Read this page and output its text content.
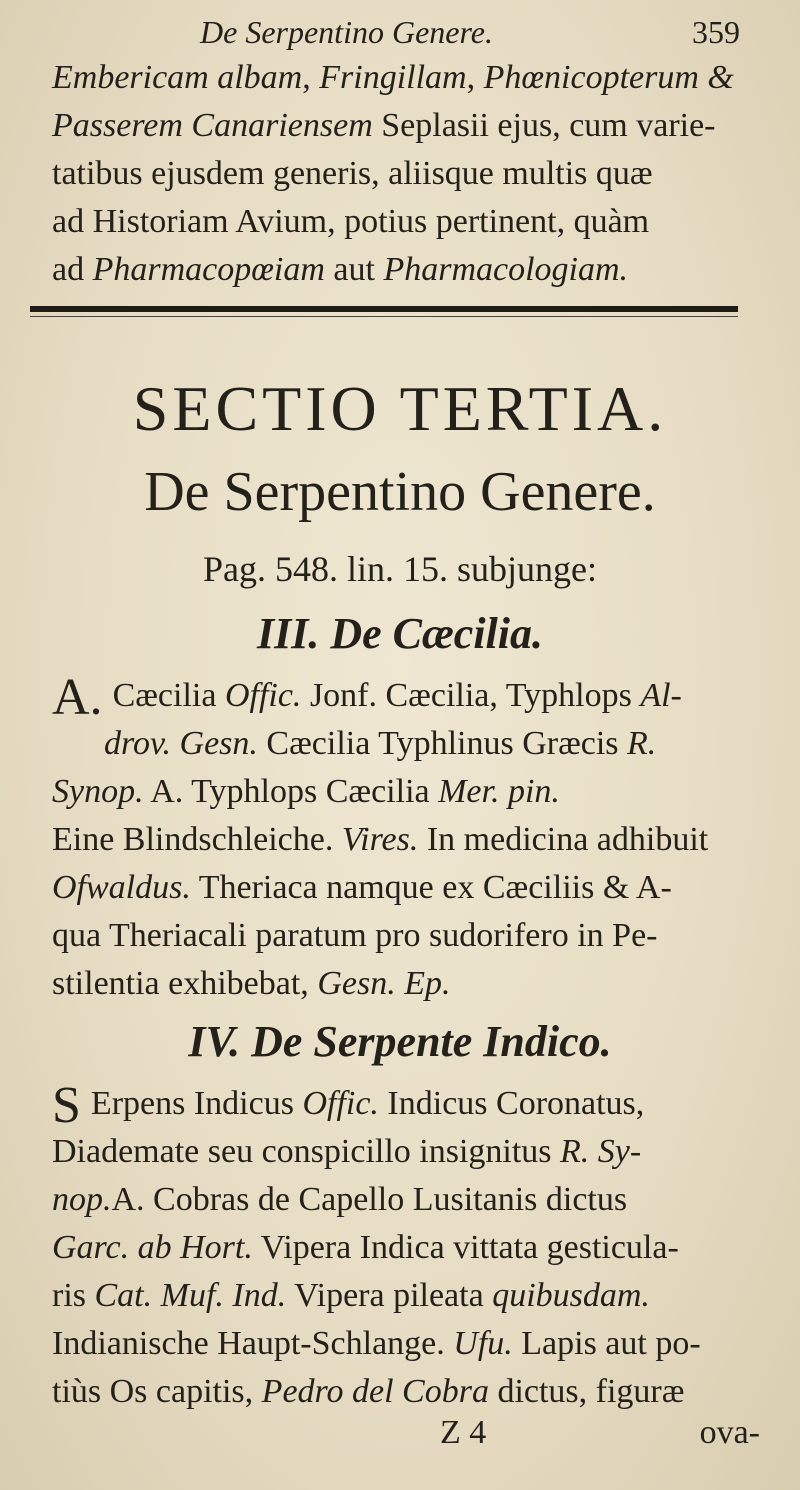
De Serpentino Genere.	359
Embericam albam, Fringillam, Phœnicopterum &
Passerem Canariensem Seplasii ejus, cum varie-
tatibus ejusdem generis, aliisque multis quæ
ad Historiam Avium, potius pertinent, quàm
ad Pharmacopœiam aut Pharmacologiam.
SECTIO TERTIA.
De Serpentino Genere.
Pag. 548. lin. 15. subjunge:
III. De Cæcilia.
A. Cæcilia Offic. Jonf. Cæcilia, Typhlops Al-
drov. Gesn. Cæcilia Typhlinus Græcis R.
Synop. A. Typhlops Cæcilia Mer. pin.
Eine Blindschleiche. Vires. In medicina adhibuit
Ofwaldus. Theriaca namque ex Cæciliis & A-
qua Theriacali paratum pro sudorifero in Pe-
stilentia exhibebat, Gesn. Ep.
IV. De Serpente Indico.
S Erpens Indicus Offic. Indicus Coronatus,
Diademate seu conspicillo insignitus R. Sy-
nop.A. Cobras de Capello Lusitanis dictus
Garc. ab Hort. Vipera Indica vittata gesticula-
ris Cat. Muf. Ind. Vipera pileata quibusdam.
Indianische Haupt-Schlange. Ufu. Lapis aut po-
tiùs Os capitis, Pedro del Cobra dictus, figuræ
Z 4	ova-
